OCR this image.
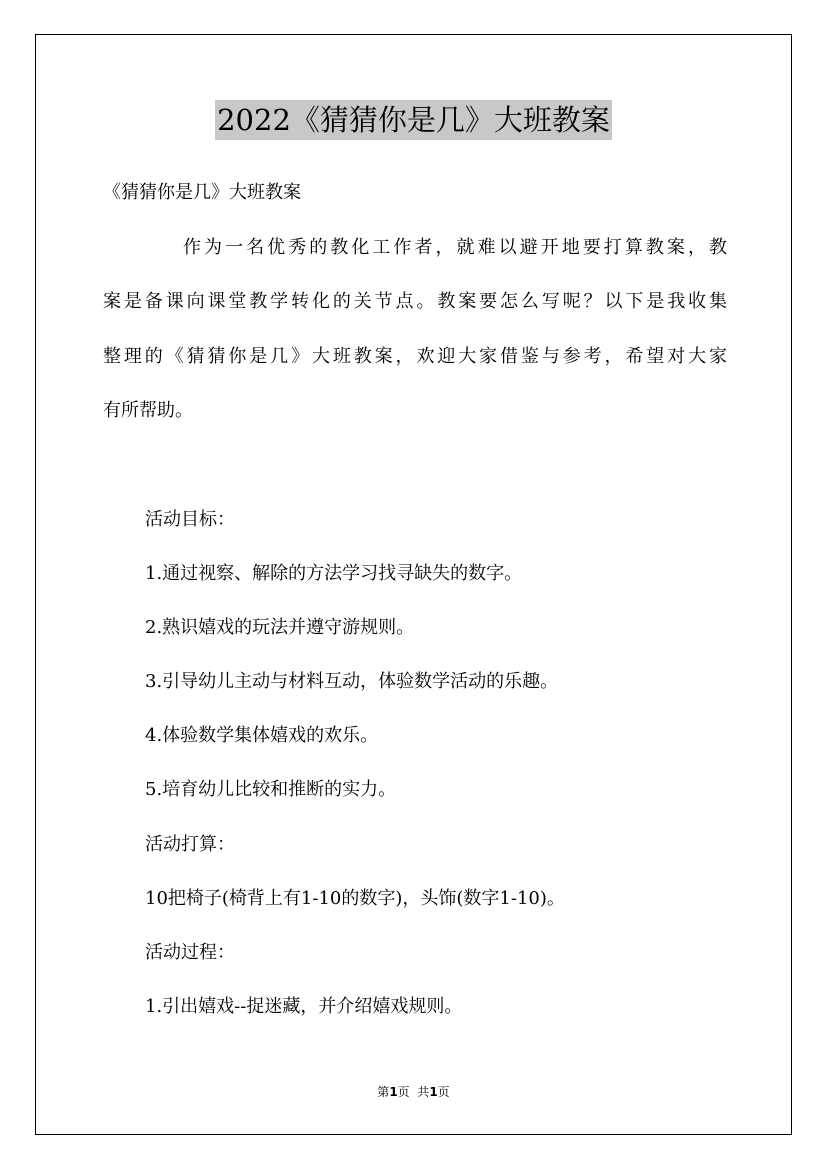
2022《猜猜你是几》大班教案
《猜猜你是几》大班教案
作为一名优秀的教化工作者，就难以避开地要打算教案，教
案是备课向课堂教学转化的关节点。教案要怎么写呢？以下是我收集
整理的《猜猜你是几》大班教案，欢迎大家借鉴与参考，希望对大家
有所帮助。
活动目标：
1.通过视察、解除的方法学习找寻缺失的数字。
2.熟识嬉戏的玩法并遵守游规则。
3.引导幼儿主动与材料互动，体验数学活动的乐趣。
4.体验数学集体嬉戏的欢乐。
5.培育幼儿比较和推断的实力。
活动打算：
10把椅子(椅背上有1-10的数字)，头饰(数字1-10)。
活动过程：
1.引出嬉戏--捉迷藏，并介绍嬉戏规则。
第1页  共1页
